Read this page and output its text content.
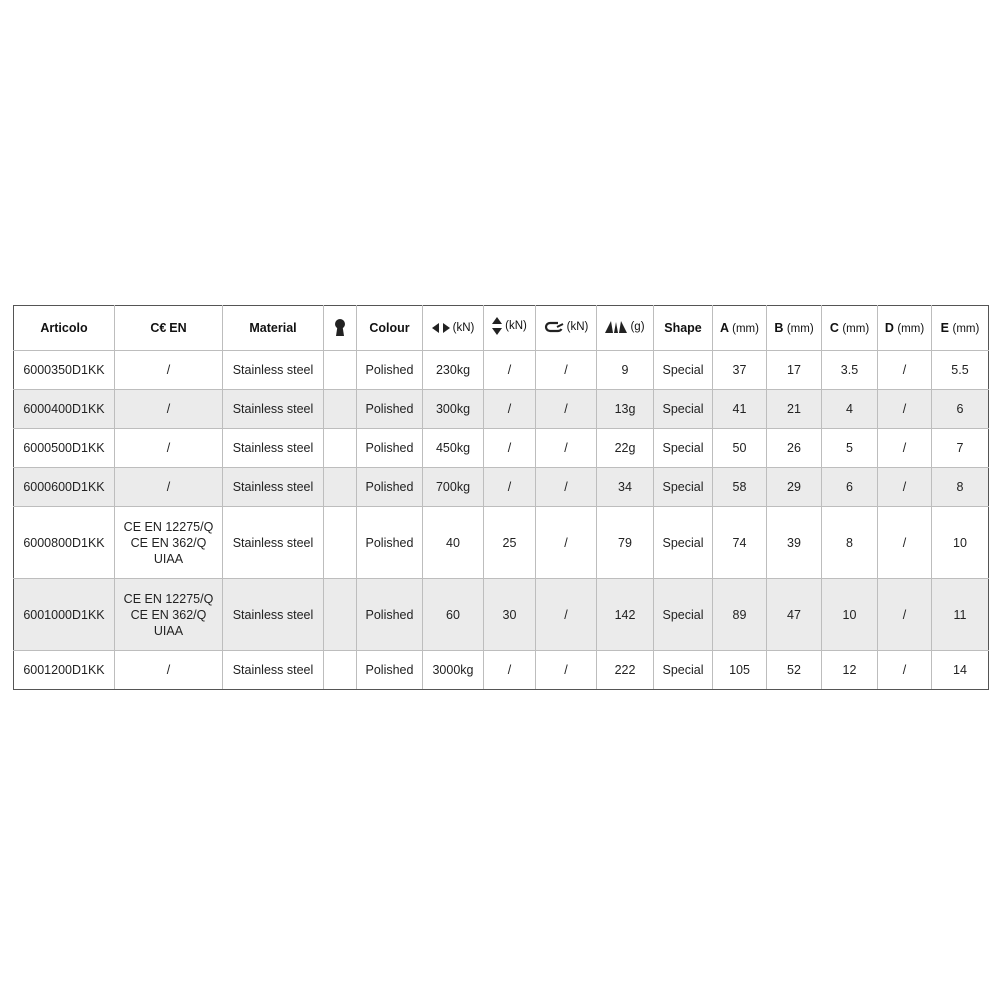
Articolo	C€ EN	Material		Colour	(kN)	(kN)	(kN)	(g)	Shape	A (mm)	B (mm)	C (mm)	D (mm)	E (mm)
6000350D1KK	/	Stainless steel		Polished	230kg	/	/	9	Special	37	17	3.5	/	5.5
6000400D1KK	/	Stainless steel		Polished	300kg	/	/	13g	Special	41	21	4	/	6
6000500D1KK	/	Stainless steel		Polished	450kg	/	/	22g	Special	50	26	5	/	7
6000600D1KK	/	Stainless steel		Polished	700kg	/	/	34	Special	58	29	6	/	8
6000800D1KK	CE EN 12275/Q
CE EN 362/Q
UIAA	Stainless steel		Polished	40	25	/	79	Special	74	39	8	/	10
6001000D1KK	CE EN 12275/Q
CE EN 362/Q
UIAA	Stainless steel		Polished	60	30	/	142	Special	89	47	10	/	11
6001200D1KK	/	Stainless steel		Polished	3000kg	/	/	222	Special	105	52	12	/	14
